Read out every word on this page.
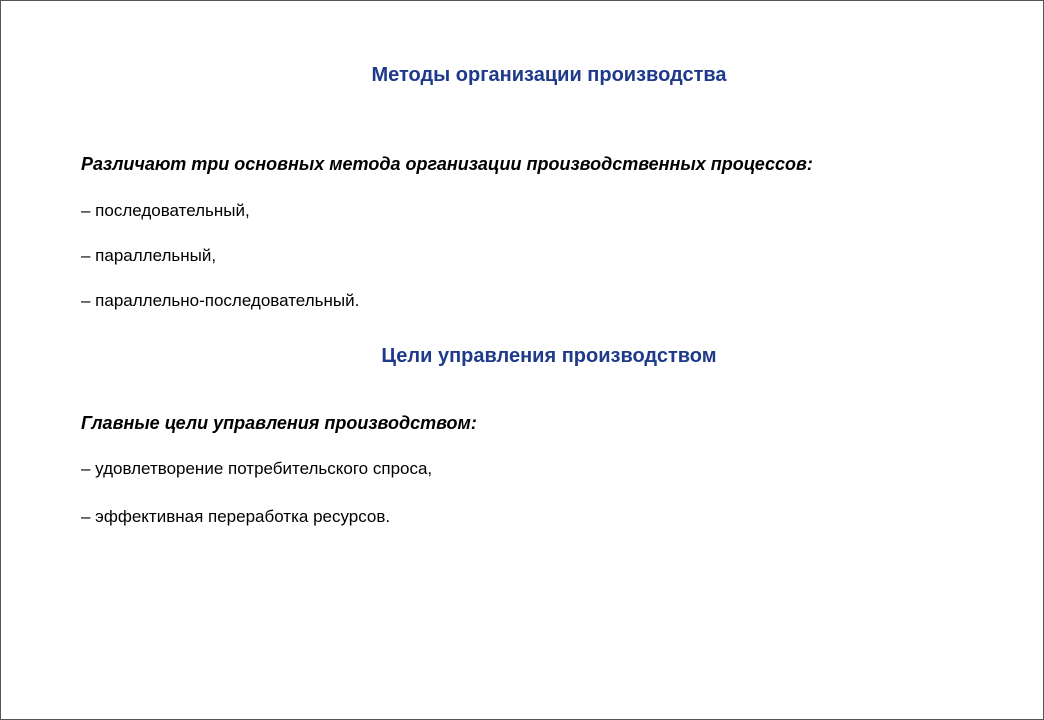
Методы организации производства

Различают три основных метода организации производственных процессов:

– последовательный,

– параллельный,

– параллельно-последовательный.

Цели управления производством

Главные цели управления производством:

– удовлетворение потребительского спроса,

– эффективная переработка ресурсов.
